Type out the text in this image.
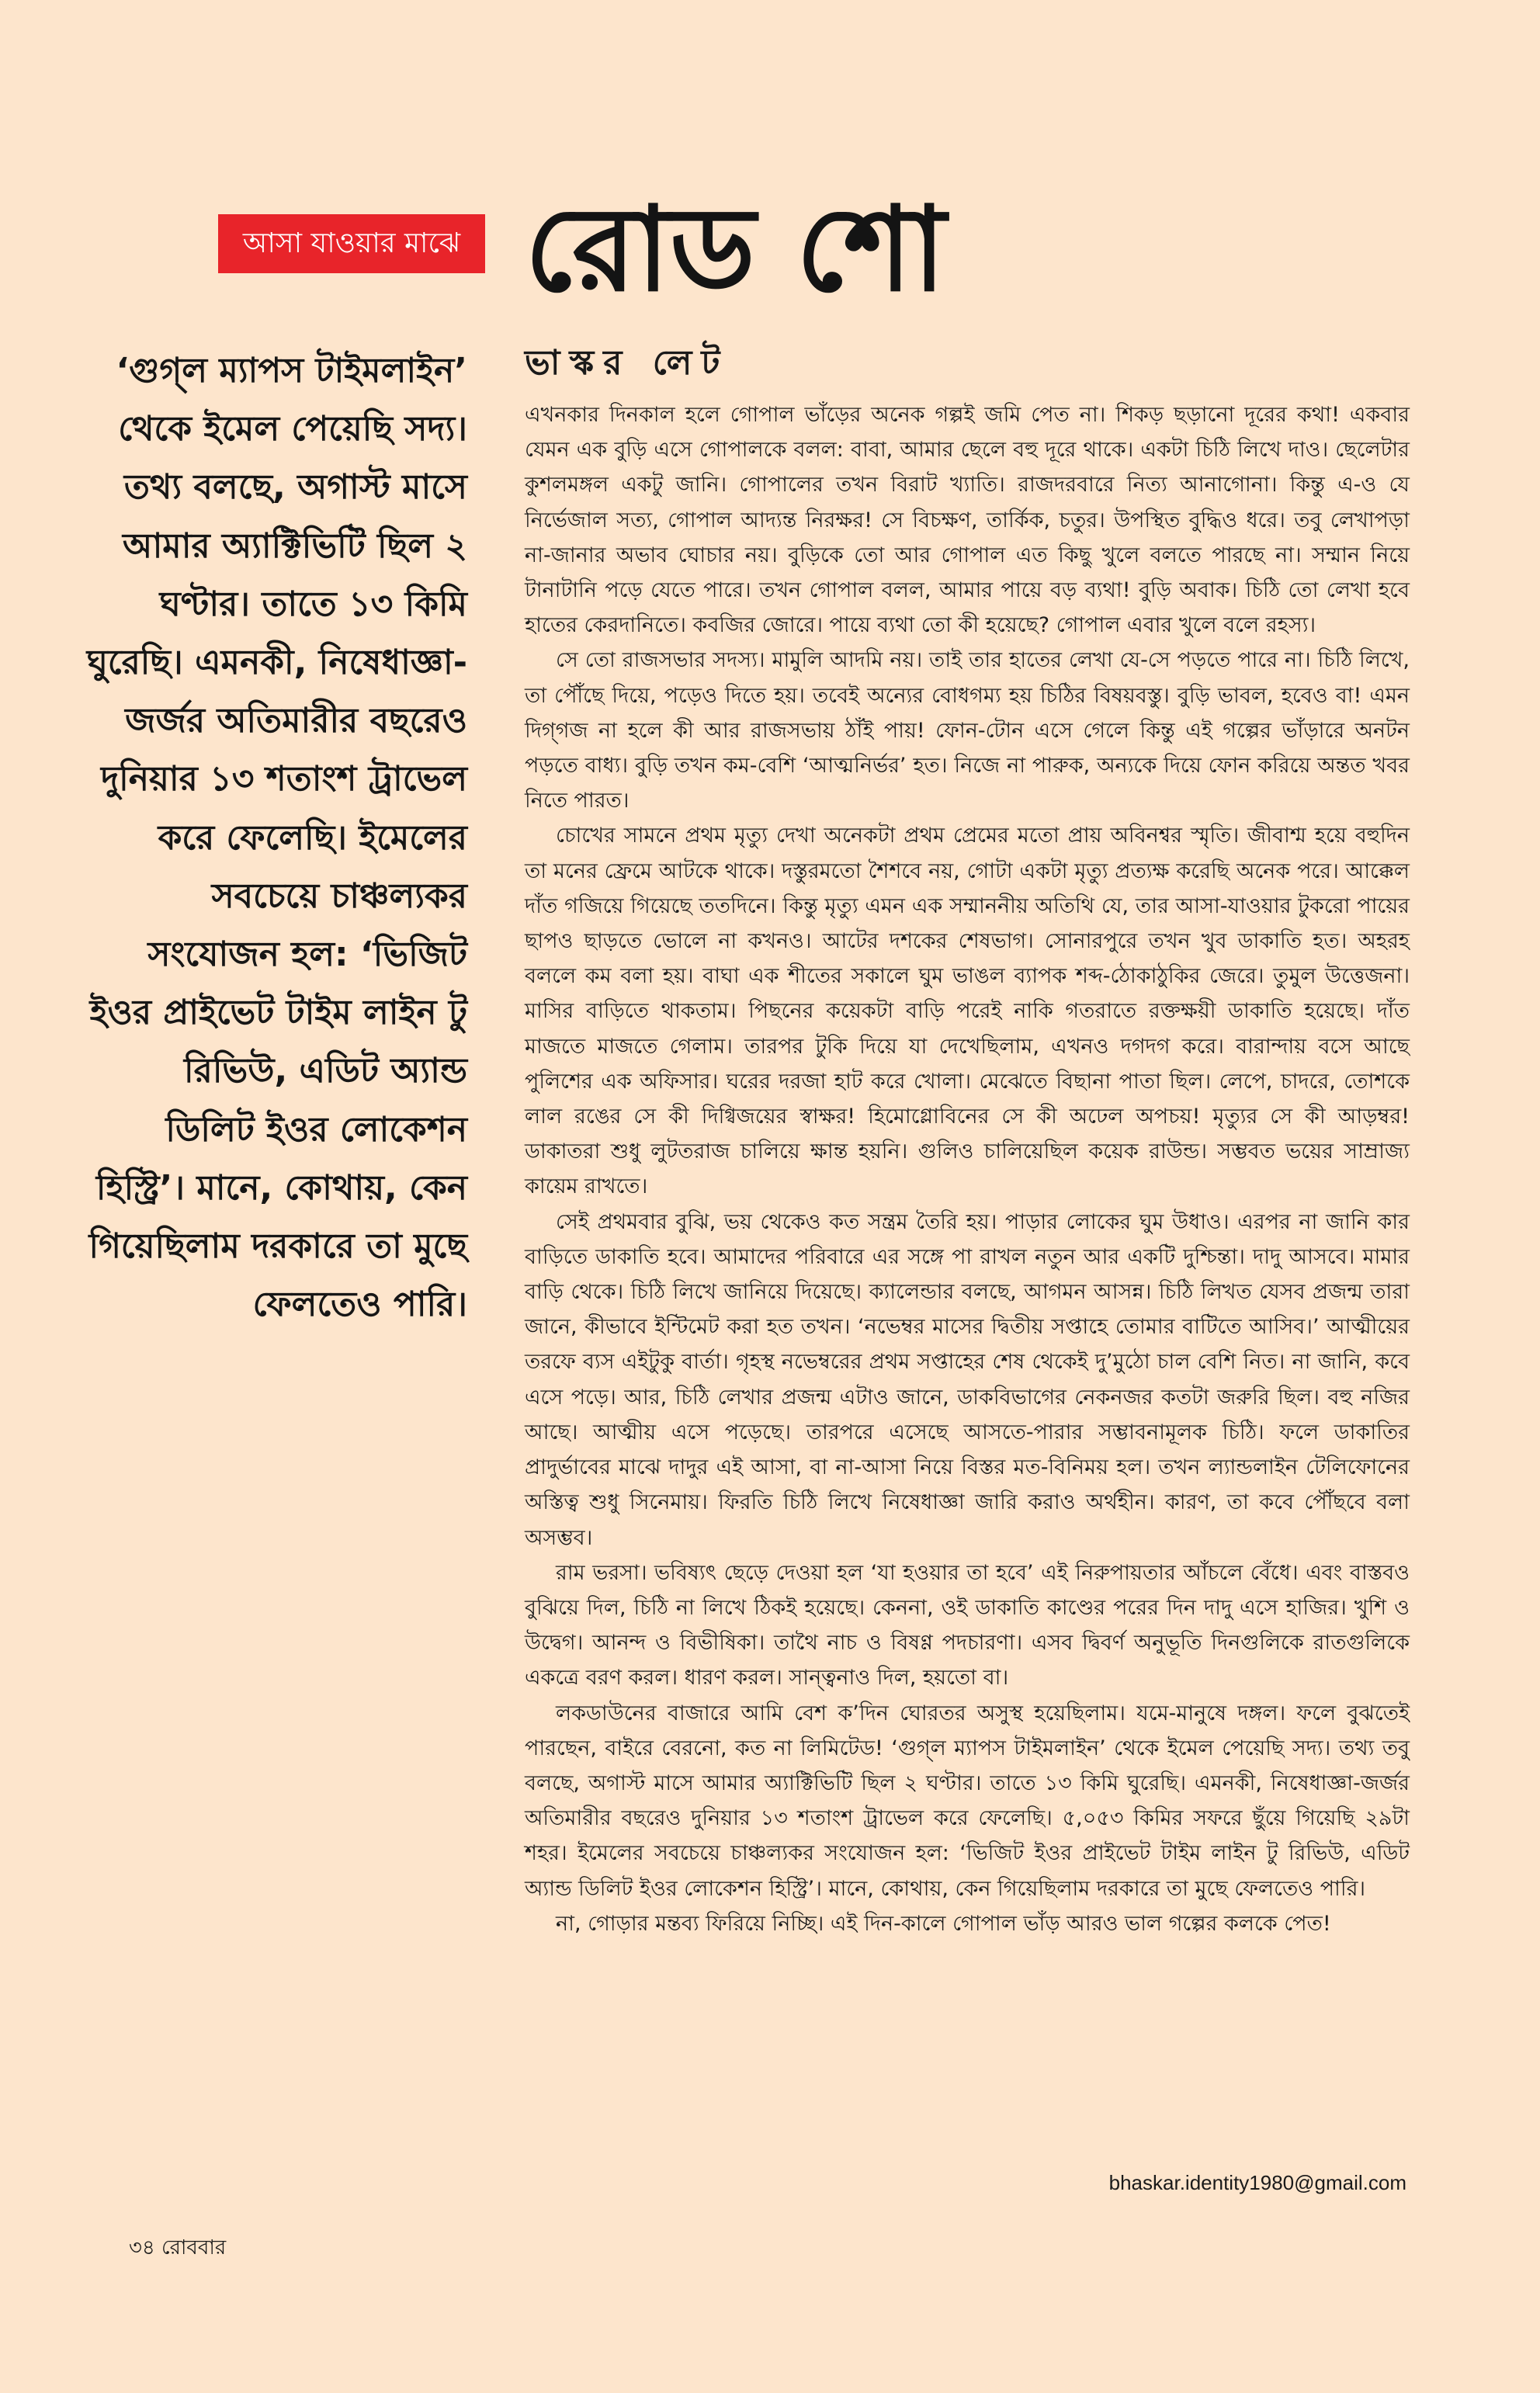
আসা যাওয়ার মাঝে রোড শো
ভাস্কর লেট

‘গুগ্‌ল ম্যাপস টাইমলাইন’ থেকে ইমেল পেয়েছি সদ্য। তথ্য বলছে, অগাস্ট মাসে আমার অ্যাক্টিভিটি ছিল ২ ঘণ্টার। তাতে ১৩ কিমি ঘুরেছি। এমনকী, নিষেধাজ্ঞা-জর্জর অতিমারীর বছরেও দুনিয়ার ১৩ শতাংশ ট্রাভেল করে ফেলেছি। ইমেলের সবচেয়ে চাঞ্চল্যকর সংযোজন হল: ‘ভিজিট ইওর প্রাইভেট টাইম লাইন টু রিভিউ, এডিট অ্যান্ড ডিলিট ইওর লোকেশন হিস্ট্রি’। মানে, কোথায়, কেন গিয়েছিলাম দরকারে তা মুছে ফেলতেও পারি।

এখনকার দিনকাল হলে গোপাল ভাঁড়ের অনেক গল্পই জমি পেত না। শিকড় ছড়ানো দূরের কথা! একবার যেমন এক বুড়ি এসে গোপালকে বলল: বাবা, আমার ছেলে বহু দূরে থাকে। একটা চিঠি লিখে দাও। ছেলেটার কুশলমঙ্গল একটু জানি। গোপালের তখন বিরাট খ্যাতি। রাজদরবারে নিত্য আনাগোনা। কিন্তু এ-ও যে নির্ভেজাল সত্য, গোপাল আদ্যন্ত নিরক্ষর! সে বিচক্ষণ, তার্কিক, চতুর। উপস্থিত বুদ্ধিও ধরে। তবু লেখাপড়া না-জানার অভাব ঘোচার নয়। বুড়িকে তো আর গোপাল এত কিছু খুলে বলতে পারছে না। সম্মান নিয়ে টানাটানি পড়ে যেতে পারে। তখন গোপাল বলল, আমার পায়ে বড় ব্যথা! বুড়ি অবাক। চিঠি তো লেখা হবে হাতের কেরদানিতে। কবজির জোরে। পায়ে ব্যথা তো কী হয়েছে? গোপাল এবার খুলে বলে রহস্য।

সে তো রাজসভার সদস্য। মামুলি আদমি নয়। তাই তার হাতের লেখা যে-সে পড়তে পারে না। চিঠি লিখে, তা পৌঁছে দিয়ে, পড়েও দিতে হয়। তবেই অন্যের বোধগম্য হয় চিঠির বিষয়বস্তু। বুড়ি ভাবল, হবেও বা! এমন দিগ্‌গজ না হলে কী আর রাজসভায় ঠাঁই পায়! ফোন-টোন এসে গেলে কিন্তু এই গল্পের ভাঁড়ারে অনটন পড়তে বাধ্য। বুড়ি তখন কম-বেশি ‘আত্মনির্ভর’ হত। নিজে না পারুক, অন্যকে দিয়ে ফোন করিয়ে অন্তত খবর নিতে পারত।

চোখের সামনে প্রথম মৃত্যু দেখা অনেকটা প্রথম প্রেমের মতো প্রায় অবিনশ্বর স্মৃতি। জীবাশ্ম হয়ে বহুদিন তা মনের ফ্রেমে আটকে থাকে। দস্তুরমতো শৈশবে নয়, গোটা একটা মৃত্যু প্রত্যক্ষ করেছি অনেক পরে। আক্কেল দাঁত গজিয়ে গিয়েছে ততদিনে। কিন্তু মৃত্যু এমন এক সম্মাননীয় অতিথি যে, তার আসা-যাওয়ার টুকরো পায়ের ছাপও ছাড়তে ভোলে না কখনও। আটের দশকের শেষভাগ। সোনারপুরে তখন খুব ডাকাতি হত। অহরহ বললে কম বলা হয়। বাঘা এক শীতের সকালে ঘুম ভাঙল ব্যাপক শব্দ-ঠোকাঠুকির জেরে। তুমুল উত্তেজনা। মাসির বাড়িতে থাকতাম। পিছনের কয়েকটা বাড়ি পরেই নাকি গতরাতে রক্তক্ষয়ী ডাকাতি হয়েছে। দাঁত মাজতে মাজতে গেলাম। তারপর টুকি দিয়ে যা দেখেছিলাম, এখনও দগদগ করে। বারান্দায় বসে আছে পুলিশের এক অফিসার। ঘরের দরজা হাট করে খোলা। মেঝেতে বিছানা পাতা ছিল। লেপে, চাদরে, তোশকে লাল রঙের সে কী দিগ্বিজয়ের স্বাক্ষর! হিমোগ্লোবিনের সে কী অঢেল অপচয়! মৃত্যুর সে কী আড়ম্বর! ডাকাতরা শুধু লুটতরাজ চালিয়ে ক্ষান্ত হয়নি। গুলিও চালিয়েছিল কয়েক রাউন্ড। সম্ভবত ভয়ের সাম্রাজ্য কায়েম রাখতে।

সেই প্রথমবার বুঝি, ভয় থেকেও কত সন্ত্রম তৈরি হয়। পাড়ার লোকের ঘুম উধাও। এরপর না জানি কার বাড়িতে ডাকাতি হবে। আমাদের পরিবারে এর সঙ্গে পা রাখল নতুন আর একটি দুশ্চিন্তা। দাদু আসবে। মামার বাড়ি থেকে। চিঠি লিখে জানিয়ে দিয়েছে। ক্যালেন্ডার বলছে, আগমন আসন্ন। চিঠি লিখত যেসব প্রজন্ম তারা জানে, কীভাবে ইন্টিমেট করা হত তখন। ‘নভেম্বর মাসের দ্বিতীয় সপ্তাহে তোমার বাটিতে আসিব।’ আত্মীয়ের তরফে ব্যস এইটুকু বার্তা। গৃহস্থ নভেম্বরের প্রথম সপ্তাহের শেষ থেকেই দু’মুঠো চাল বেশি নিত। না জানি, কবে এসে পড়ে। আর, চিঠি লেখার প্রজন্ম এটাও জানে, ডাকবিভাগের নেকনজর কতটা জরুরি ছিল। বহু নজির আছে। আত্মীয় এসে পড়েছে। তারপরে এসেছে আসতে-পারার সম্ভাবনামূলক চিঠি। ফলে ডাকাতির প্রাদুর্ভাবের মাঝে দাদুর এই আসা, বা না-আসা নিয়ে বিস্তর মত-বিনিময় হল। তখন ল্যান্ডলাইন টেলিফোনের অস্তিত্ব শুধু সিনেমায়। ফিরতি চিঠি লিখে নিষেধাজ্ঞা জারি করাও অর্থহীন। কারণ, তা কবে পৌঁছবে বলা অসম্ভব।

রাম ভরসা। ভবিষ্যৎ ছেড়ে দেওয়া হল ‘যা হওয়ার তা হবে’ এই নিরুপায়তার আঁচলে বেঁধে। এবং বাস্তবও বুঝিয়ে দিল, চিঠি না লিখে ঠিকই হয়েছে। কেননা, ওই ডাকাতি কাণ্ডের পরের দিন দাদু এসে হাজির। খুশি ও উদ্বেগ। আনন্দ ও বিভীষিকা। তাথৈ নাচ ও বিষণ্ণ পদচারণা। এসব দ্বিবর্ণ অনুভূতি দিনগুলিকে রাতগুলিকে একত্রে বরণ করল। ধারণ করল। সান্ত্বনাও দিল, হয়তো বা।

লকডাউনের বাজারে আমি বেশ ক’দিন ঘোরতর অসুস্থ হয়েছিলাম। যমে-মানুষে দঙ্গল। ফলে বুঝতেই পারছেন, বাইরে বেরনো, কত না লিমিটেড! ‘গুগ্‌ল ম্যাপস টাইমলাইন’ থেকে ইমেল পেয়েছি সদ্য। তথ্য তবু বলছে, অগাস্ট মাসে আমার অ্যাক্টিভিটি ছিল ২ ঘণ্টার। তাতে ১৩ কিমি ঘুরেছি। এমনকী, নিষেধাজ্ঞা-জর্জর অতিমারীর বছরেও দুনিয়ার ১৩ শতাংশ ট্রাভেল করে ফেলেছি। ৫,০৫৩ কিমির সফরে ছুঁয়ে গিয়েছি ২৯টা শহর। ইমেলের সবচেয়ে চাঞ্চল্যকর সংযোজন হল: ‘ভিজিট ইওর প্রাইভেট টাইম লাইন টু রিভিউ, এডিট অ্যান্ড ডিলিট ইওর লোকেশন হিস্ট্রি’। মানে, কোথায়, কেন গিয়েছিলাম দরকারে তা মুছে ফেলতেও পারি।

না, গোড়ার মন্তব্য ফিরিয়ে নিচ্ছি। এই দিন-কালে গোপাল ভাঁড় আরও ভাল গল্পের কলকে পেত!

bhaskar.identity1980@gmail.com
৩৪ রোববার
